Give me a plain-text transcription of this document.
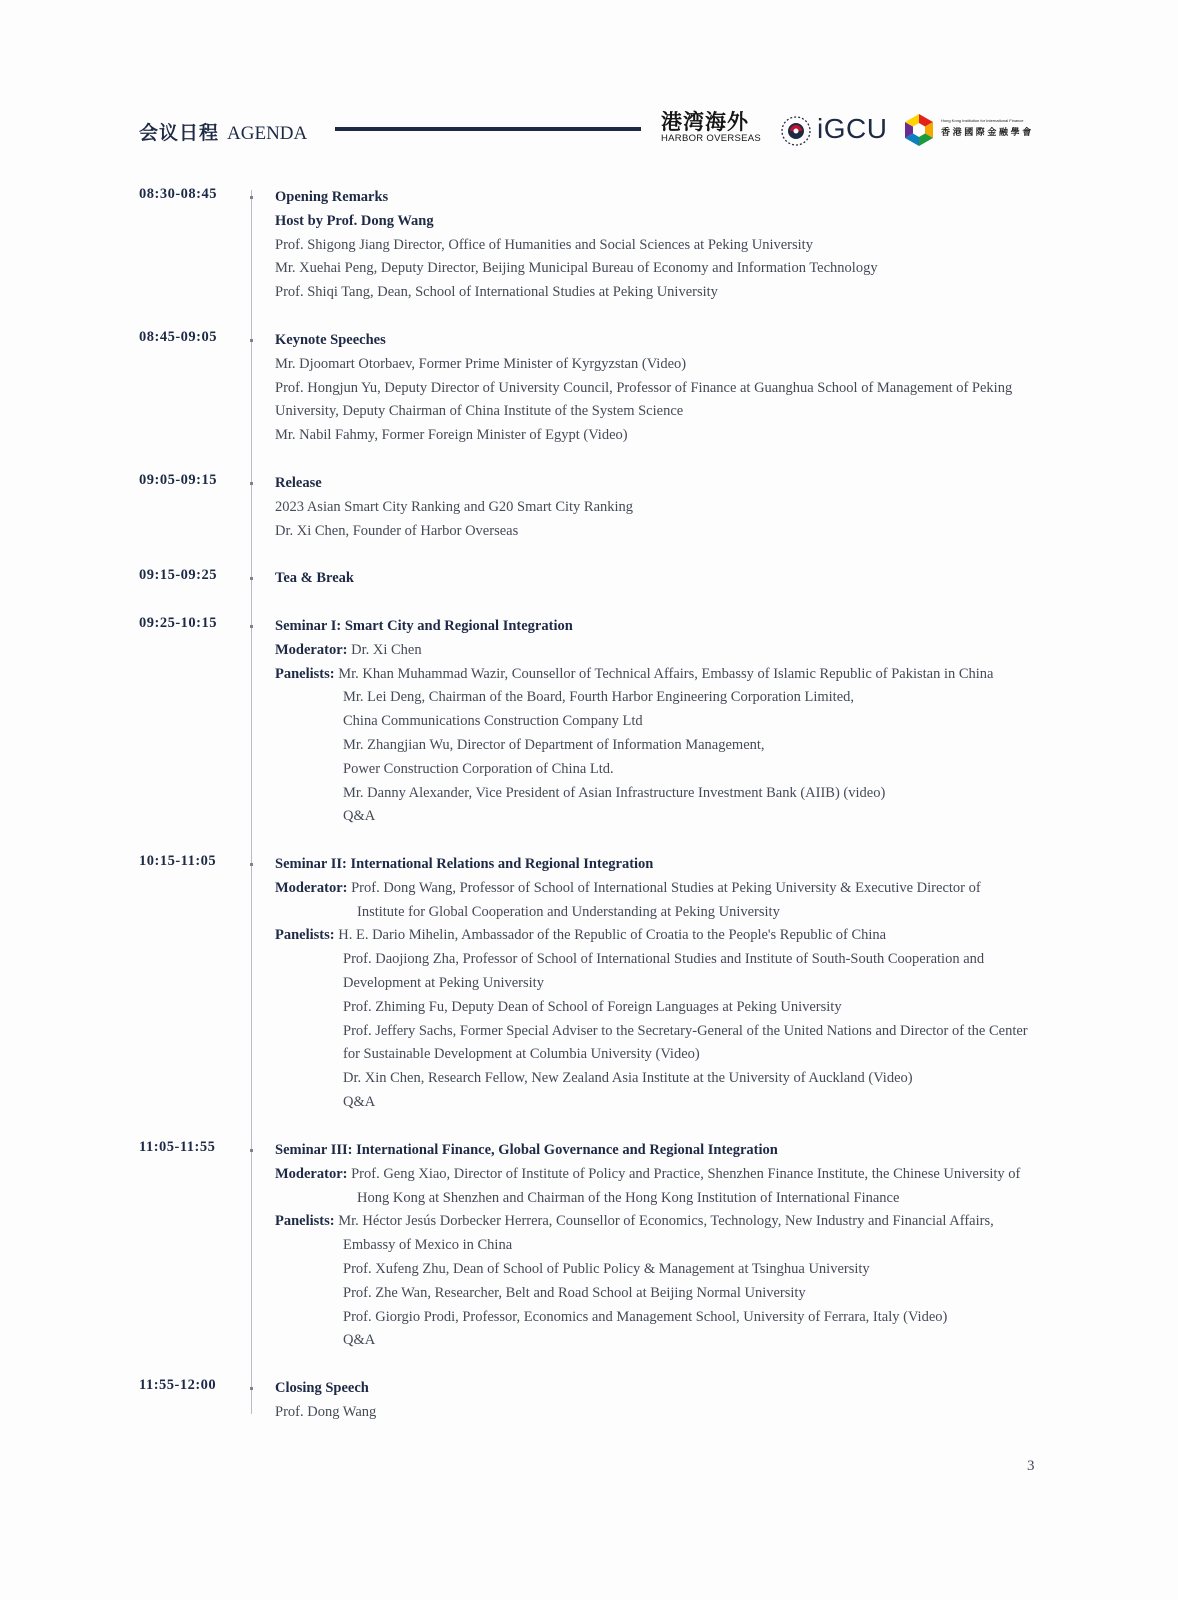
会议日程 AGENDA	港湾海外
HARBOR OVERSEAS iGCU	Hong Kong Institution for International Finance
香港國際金融學會
08:30-08:45	Opening Remarks
Host by Prof. Dong Wang
Prof. Shigong Jiang Director, Office of Humanities and Social Sciences at Peking University
Mr. Xuehai Peng, Deputy Director, Beijing Municipal Bureau of Economy and Information Technology
Prof. Shiqi Tang, Dean, School of International Studies at Peking University
08:45-09:05	Keynote Speeches
Mr. Djoomart Otorbaev, Former Prime Minister of Kyrgyzstan (Video)
Prof. Hongjun Yu, Deputy Director of University Council, Professor of Finance at Guanghua School of Management of Peking
University, Deputy Chairman of China Institute of the System Science
Mr. Nabil Fahmy, Former Foreign Minister of Egypt (Video)
09:05-09:15	Release
2023 Asian Smart City Ranking and G20 Smart City Ranking
Dr. Xi Chen, Founder of Harbor Overseas
09:15-09:25	Tea & Break
09:25-10:15	Seminar I: Smart City and Regional Integration
Moderator: Dr. Xi Chen
Panelists: Mr. Khan Muhammad Wazir, Counsellor of Technical Affairs, Embassy of Islamic Republic of Pakistan in China
Mr. Lei Deng, Chairman of the Board, Fourth Harbor Engineering Corporation Limited,
China Communications Construction Company Ltd
Mr. Zhangjian Wu, Director of Department of Information Management,
Power Construction Corporation of China Ltd.
Mr. Danny Alexander, Vice President of Asian Infrastructure Investment Bank (AIIB) (video)
Q&A
10:15-11:05	Seminar II: International Relations and Regional Integration
Moderator: Prof. Dong Wang, Professor of School of International Studies at Peking University & Executive Director of
Institute for Global Cooperation and Understanding at Peking University
Panelists: H. E. Dario Mihelin, Ambassador of the Republic of Croatia to the People's Republic of China
Prof. Daojiong Zha, Professor of School of International Studies and Institute of South-South Cooperation and
Development at Peking University
Prof. Zhiming Fu, Deputy Dean of School of Foreign Languages at Peking University
Prof. Jeffery Sachs, Former Special Adviser to the Secretary-General of the United Nations and Director of the Center
for Sustainable Development at Columbia University (Video)
Dr. Xin Chen, Research Fellow, New Zealand Asia Institute at the University of Auckland (Video)
Q&A
11:05-11:55	Seminar III: International Finance, Global Governance and Regional Integration
Moderator: Prof. Geng Xiao, Director of Institute of Policy and Practice, Shenzhen Finance Institute, the Chinese University of
Hong Kong at Shenzhen and Chairman of the Hong Kong Institution of International Finance
Panelists: Mr. Héctor Jesús Dorbecker Herrera, Counsellor of Economics, Technology, New Industry and Financial Affairs,
Embassy of Mexico in China
Prof. Xufeng Zhu, Dean of School of Public Policy & Management at Tsinghua University
Prof. Zhe Wan, Researcher, Belt and Road School at Beijing Normal University
Prof. Giorgio Prodi, Professor, Economics and Management School, University of Ferrara, Italy (Video)
Q&A
11:55-12:00	Closing Speech
Prof. Dong Wang
3
